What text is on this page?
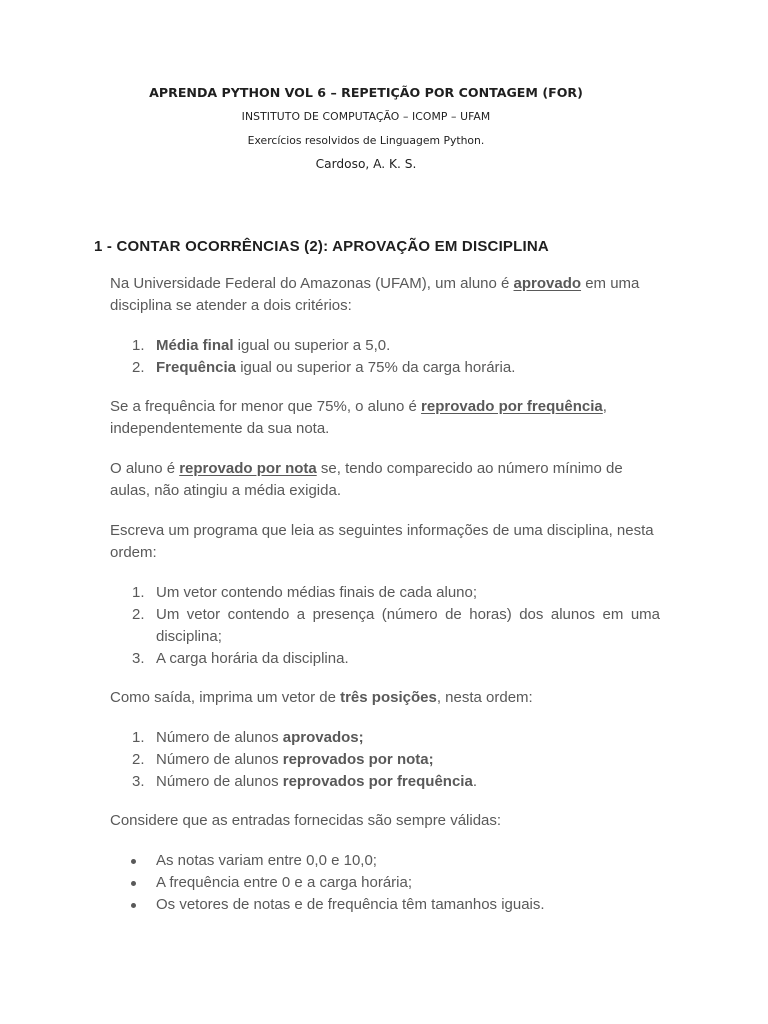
APRENDA PYTHON VOL 6 – REPETIÇÃO POR CONTAGEM (FOR)
INSTITUTO DE COMPUTAÇÃO – ICOMP – UFAM
Exercícios resolvidos de Linguagem Python.
Cardoso, A. K. S.
1 - CONTAR OCORRÊNCIAS (2): APROVAÇÃO EM DISCIPLINA
Na Universidade Federal do Amazonas (UFAM), um aluno é aprovado em uma disciplina se atender a dois critérios:
1. Média final igual ou superior a 5,0.
2. Frequência igual ou superior a 75% da carga horária.
Se a frequência for menor que 75%, o aluno é reprovado por frequência, independentemente da sua nota.
O aluno é reprovado por nota se, tendo comparecido ao número mínimo de aulas, não atingiu a média exigida.
Escreva um programa que leia as seguintes informações de uma disciplina, nesta ordem:
1. Um vetor contendo médias finais de cada aluno;
2. Um vetor contendo a presença (número de horas) dos alunos em uma disciplina;
3. A carga horária da disciplina.
Como saída, imprima um vetor de três posições, nesta ordem:
1. Número de alunos aprovados;
2. Número de alunos reprovados por nota;
3. Número de alunos reprovados por frequência.
Considere que as entradas fornecidas são sempre válidas:
As notas variam entre 0,0 e 10,0;
A frequência entre 0 e a carga horária;
Os vetores de notas e de frequência têm tamanhos iguais.
